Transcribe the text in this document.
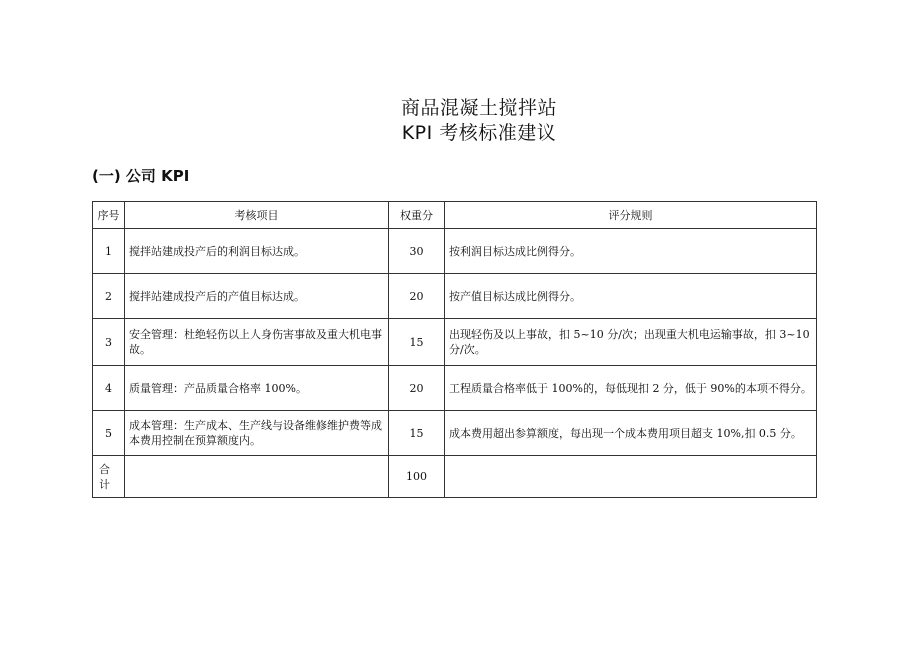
商品混凝土搅拌站
KPI 考核标准建议
(一) 公司 KPI
序号	考核项目	权重分	评分规则
1	搅拌站建成投产后的利润目标达成。	30	按利润目标达成比例得分。
2	搅拌站建成投产后的产值目标达成。	20	按产值目标达成比例得分。
3	安全管理：杜绝轻伤以上人身伤害事故及重大机电事故。	15	出现轻伤及以上事故，扣 5~10 分/次；出现重大机电运输事故，扣 3~10 分/次。
4	质量管理：产品质量合格率 100%。	20	工程质量合格率低于 100%的，每低现扣 2 分，低于 90%的本项不得分。
5	成本管理：生产成本、生产线与设备维修维护费等成本费用控制在预算额度内。	15	成本费用超出参算额度，每出现一个成本费用项目超支 10%,扣 0.5 分。
合计		100	
